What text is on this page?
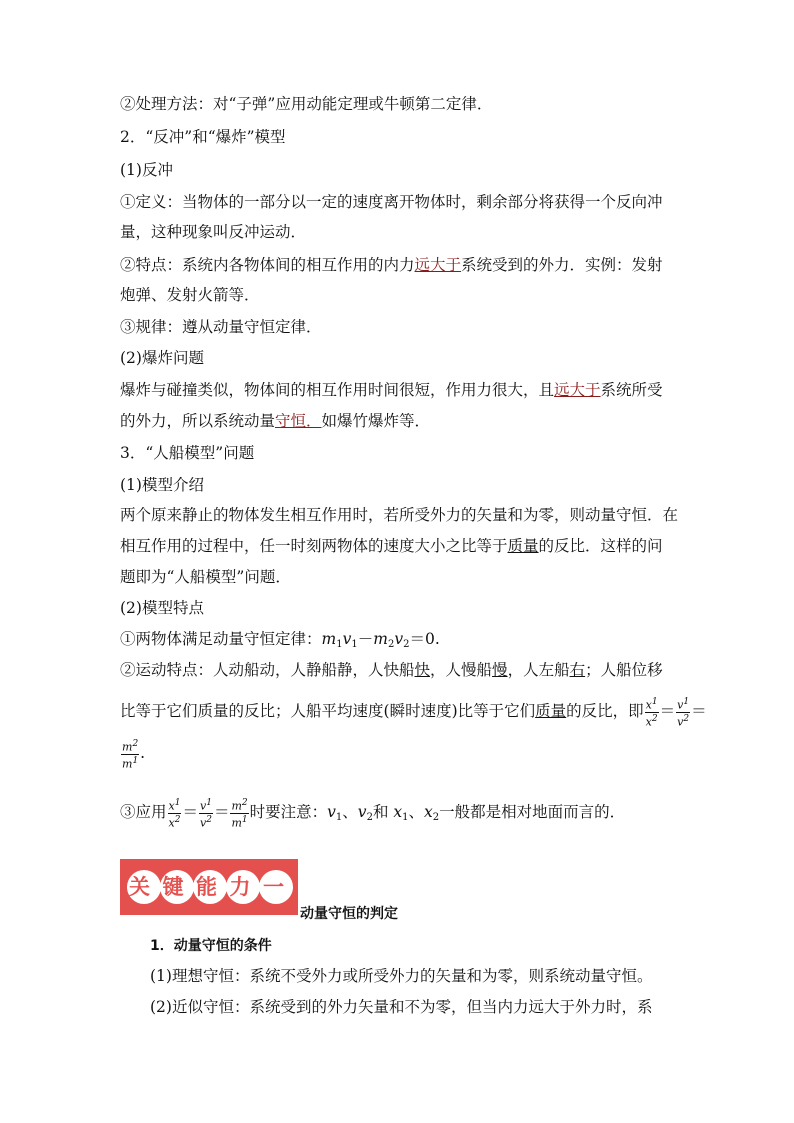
②处理方法：对“子弹”应用动能定理或牛顿第二定律．
2．“反冲”和“爆炸”模型
(1)反冲
①定义：当物体的一部分以一定的速度离开物体时，剩余部分将获得一个反向冲
量，这种现象叫反冲运动．
②特点：系统内各物体间的相互作用的内力远大于系统受到的外力．实例：发射
炮弹、发射火箭等．
③规律：遵从动量守恒定律．
(2)爆炸问题
爆炸与碰撞类似，物体间的相互作用时间很短，作用力很大，且远大于系统所受
的外力，所以系统动量守恒．如爆竹爆炸等．
3．“人船模型”问题
(1)模型介绍
两个原来静止的物体发生相互作用时，若所受外力的矢量和为零，则动量守恒．在
相互作用的过程中，任一时刻两物体的速度大小之比等于质量的反比．这样的问
题即为“人船模型”问题．
(2)模型特点
①两物体满足动量守恒定律：$m_1v_1-m_2v_2=0$.
②运动特点：人动船动，人静船静，人快船快，人慢船慢，人左船右；人船位移
比等于它们质量的反比；人船平均速度(瞬时速度)比等于它们质量的反比，即 $\frac{x^1}{x^2} = \frac{v^1}{v^2}$ ＝
$\frac{m^2}{m^1}$ .
③应用 $\frac{x^1}{x^2} = \frac{v^1}{v^2} = \frac{m^2}{m^1}$ 时要注意：$v_1$、$v_2$和 $x_1$、$x_2$一般都是相对地面而言的．
关键能力一
动量守恒的判定
1．动量守恒的条件
(1)理想守恒：系统不受外力或所受外力的矢量和为零，则系统动量守恒。
(2)近似守恒：系统受到的外力矢量和不为零，但当内力远大于外力时，系
